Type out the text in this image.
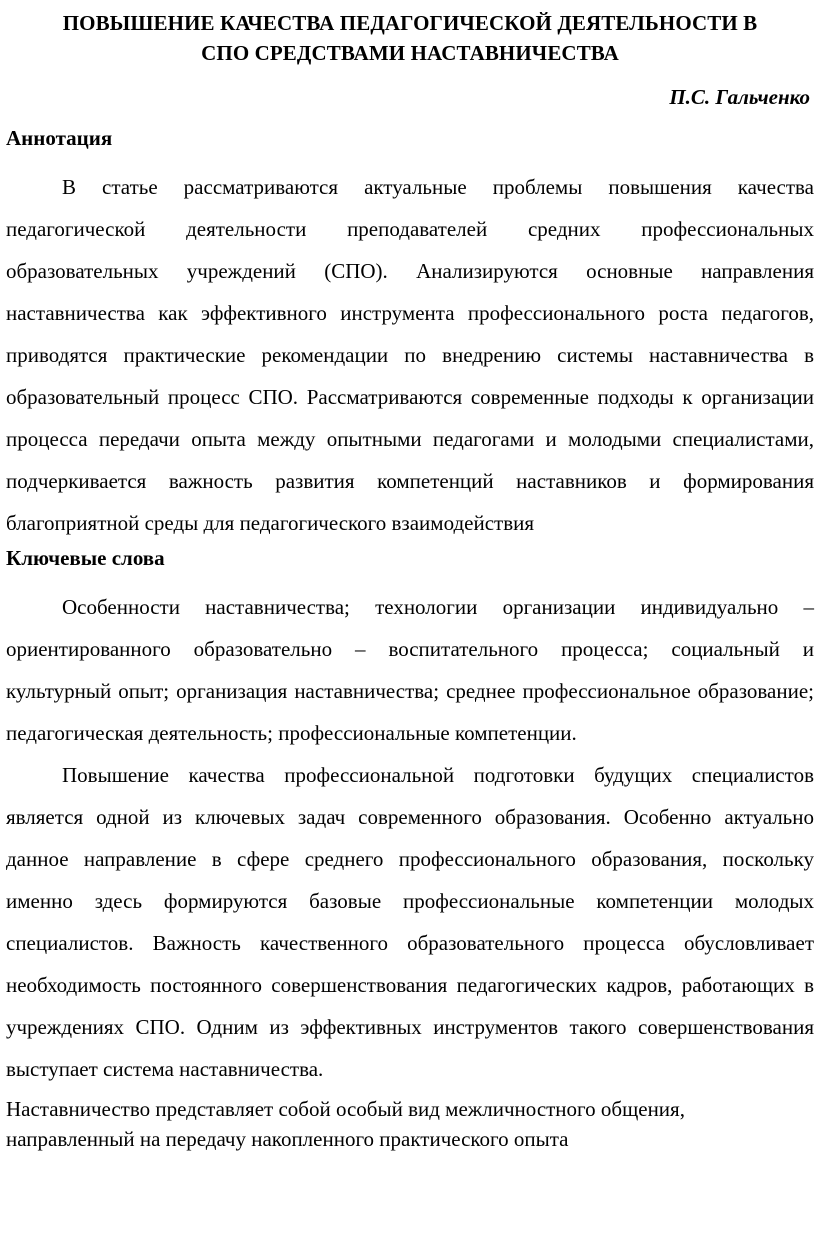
ПОВЫШЕНИЕ КАЧЕСТВА ПЕДАГОГИЧЕСКОЙ ДЕЯТЕЛЬНОСТИ В
СПО СРЕДСТВАМИ НАСТАВНИЧЕСТВА

П.С. Гальченко

Аннотация

В статье рассматриваются актуальные проблемы повышения качества педагогической деятельности преподавателей средних профессиональных образовательных учреждений (СПО). Анализируются основные направления наставничества как эффективного инструмента профессионального роста педагогов, приводятся практические рекомендации по внедрению системы наставничества в образовательный процесс СПО. Рассматриваются современные подходы к организации процесса передачи опыта между опытными педагогами и молодыми специалистами, подчеркивается важность развития компетенций наставников и формирования благоприятной среды для педагогического взаимодействия

Ключевые слова

Особенности наставничества; технологии организации индивидуально – ориентированного образовательно – воспитательного процесса; социальный и культурный опыт; организация наставничества; среднее профессиональное образование; педагогическая деятельность; профессиональные компетенции.

Повышение качества профессиональной подготовки будущих специалистов является одной из ключевых задач современного образования. Особенно актуально данное направление в сфере среднего профессионального образования, поскольку именно здесь формируются базовые профессиональные компетенции молодых специалистов. Важность качественного образовательного процесса обусловливает необходимость постоянного совершенствования педагогических кадров, работающих в учреждениях СПО. Одним из эффективных инструментов такого совершенствования выступает система наставничества.

Наставничество представляет собой особый вид межличностного общения,
направленный на передачу накопленного практического опыта
